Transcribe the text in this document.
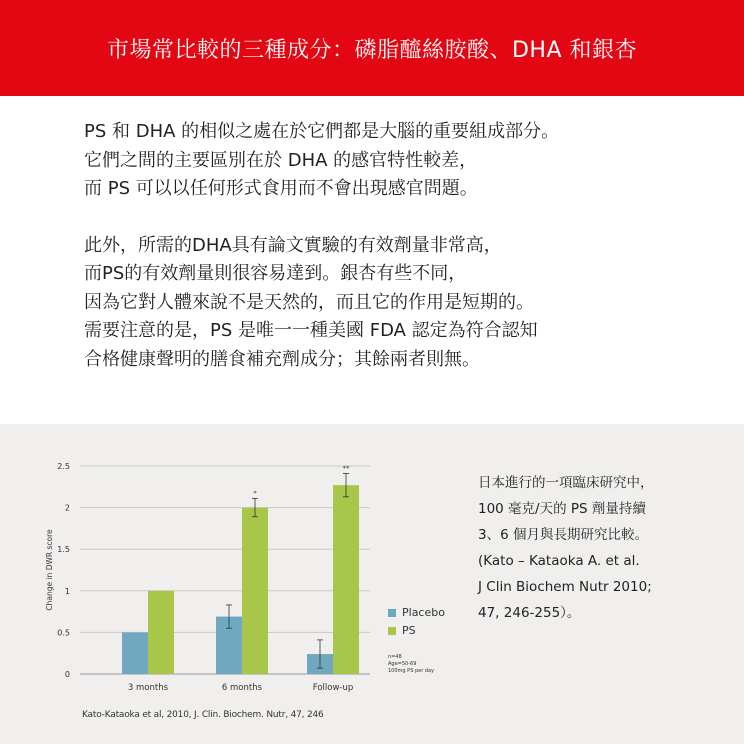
市場常比較的三種成分：磷脂醯絲胺酸、DHA 和銀杏

PS 和 DHA 的相似之處在於它們都是大腦的重要組成部分。
它們之間的主要區別在於 DHA 的感官特性較差，
而 PS 可以以任何形式食用而不會出現感官問題。

此外，所需的DHA具有論文實驗的有效劑量非常高，
而PS的有效劑量則很容易達到。銀杏有些不同，
因為它對人體來說不是天然的，而且它的作用是短期的。
需要注意的是，PS 是唯一一種美國 FDA 認定為符合認知
合格健康聲明的膳食補充劑成分；其餘兩者則無。

0
0.5
1
1.5
2
2.5
Change in DWR score
3 months
*
6 months
**
Follow-up
Placebo
PS
n=48
Age=50-69
100mg PS per day
Kato-Kataoka et al, 2010, J. Clin. Biochem. Nutr, 47, 246
日本進行的一項臨床研究中，
100 毫克/天的 PS 劑量持續
3、6 個月與長期研究比較。
(Kato – Kataoka A. et al.
J Clin Biochem Nutr 2010;
47, 246-255）。
